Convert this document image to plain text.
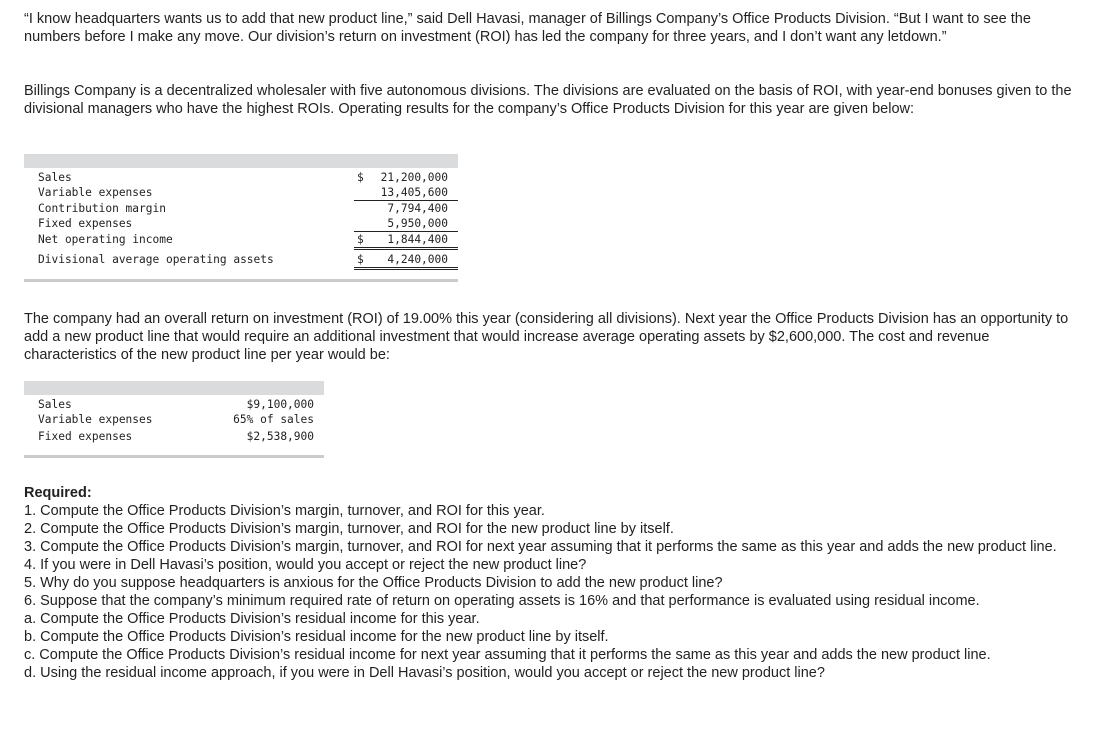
“I know headquarters wants us to add that new product line,” said Dell Havasi, manager of Billings Company’s Office Products Division. “But I want to see the numbers before I make any move. Our division’s return on investment (ROI) has led the company for three years, and I don’t want any letdown.”

Billings Company is a decentralized wholesaler with five autonomous divisions. The divisions are evaluated on the basis of ROI, with year-end bonuses given to the divisional managers who have the highest ROIs. Operating results for the company’s Office Products Division for this year are given below:

Sales	$ 21,200,000
Variable expenses	13,405,600
Contribution margin	7,794,400
Fixed expenses	5,950,000
Net operating income	$ 1,844,400
Divisional average operating assets	$ 4,240,000

The company had an overall return on investment (ROI) of 19.00% this year (considering all divisions). Next year the Office Products Division has an opportunity to add a new product line that would require an additional investment that would increase average operating assets by $2,600,000. The cost and revenue characteristics of the new product line per year would be:

Sales	$9,100,000
Variable expenses	65% of sales
Fixed expenses	$2,538,900

Required:

1. Compute the Office Products Division’s margin, turnover, and ROI for this year.

2. Compute the Office Products Division’s margin, turnover, and ROI for the new product line by itself.

3. Compute the Office Products Division’s margin, turnover, and ROI for next year assuming that it performs the same as this year and adds the new product line.

4. If you were in Dell Havasi’s position, would you accept or reject the new product line?

5. Why do you suppose headquarters is anxious for the Office Products Division to add the new product line?

6. Suppose that the company’s minimum required rate of return on operating assets is 16% and that performance is evaluated using residual income.

a. Compute the Office Products Division’s residual income for this year.

b. Compute the Office Products Division’s residual income for the new product line by itself.

c. Compute the Office Products Division’s residual income for next year assuming that it performs the same as this year and adds the new product line.

d. Using the residual income approach, if you were in Dell Havasi’s position, would you accept or reject the new product line?
